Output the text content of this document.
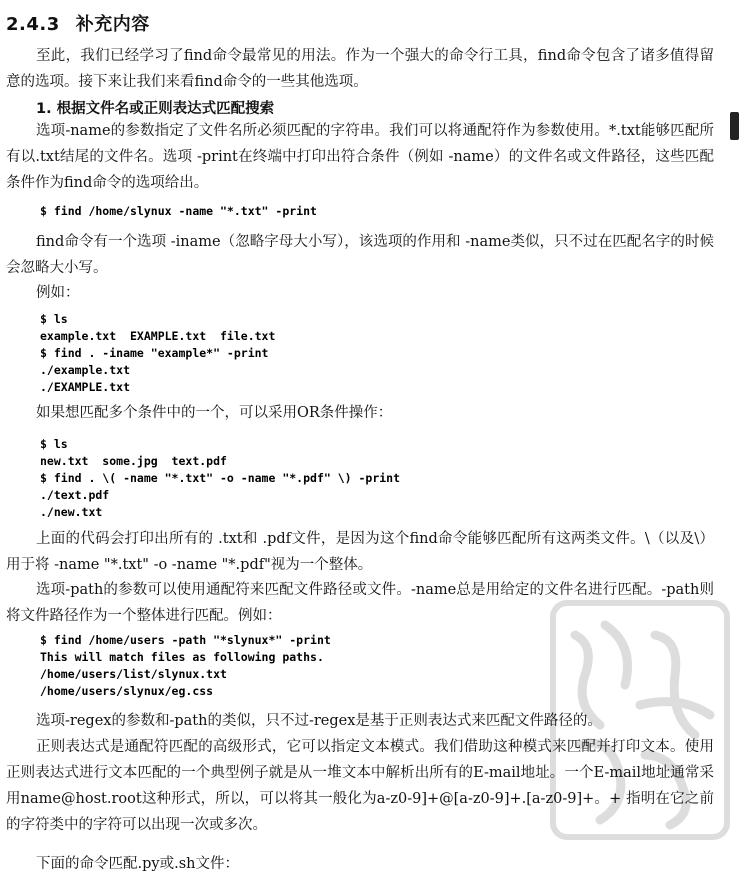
2.4.3 补充内容
至此，我们已经学习了find命令最常见的用法。作为一个强大的命令行工具，find命令包含了诸多值得留意的选项。接下来让我们来看find命令的一些其他选项。
1. 根据文件名或正则表达式匹配搜索
选项-name的参数指定了文件名所必须匹配的字符串。我们可以将通配符作为参数使用。*.txt能够匹配所有以.txt结尾的文件名。选项 -print在终端中打印出符合条件（例如 -name）的文件名或文件路径，这些匹配条件作为find命令的选项给出。
$ find /home/slynux -name "*.txt" -print
find命令有一个选项 -iname（忽略字母大小写），该选项的作用和 -name类似，只不过在匹配名字的时候会忽略大小写。
例如：
$ ls
example.txt  EXAMPLE.txt  file.txt
$ find . -iname "example*" -print
./example.txt
./EXAMPLE.txt
如果想匹配多个条件中的一个，可以采用OR条件操作：
$ ls
new.txt  some.jpg  text.pdf
$ find . \( -name "*.txt" -o -name "*.pdf" \) -print
./text.pdf
./new.txt
上面的代码会打印出所有的 .txt和 .pdf文件，是因为这个find命令能够匹配所有这两类文件。\（以及\）用于将 -name "*.txt" -o -name "*.pdf"视为一个整体。
选项-path的参数可以使用通配符来匹配文件路径或文件。-name总是用给定的文件名进行匹配。-path则将文件路径作为一个整体进行匹配。例如：
$ find /home/users -path "*slynux*" -print
This will match files as following paths.
/home/users/list/slynux.txt
/home/users/slynux/eg.css
选项-regex的参数和-path的类似，只不过-regex是基于正则表达式来匹配文件路径的。
正则表达式是通配符匹配的高级形式，它可以指定文本模式。我们借助这种模式来匹配并打印文本。使用正则表达式进行文本匹配的一个典型例子就是从一堆文本中解析出所有的E-mail地址。一个E-mail地址通常采用name@host.root这种形式，所以，可以将其一般化为a-z0-9]+@[a-z0-9]+.[a-z0-9]+。+ 指明在它之前的字符类中的字符可以出现一次或多次。
下面的命令匹配.py或.sh文件：
